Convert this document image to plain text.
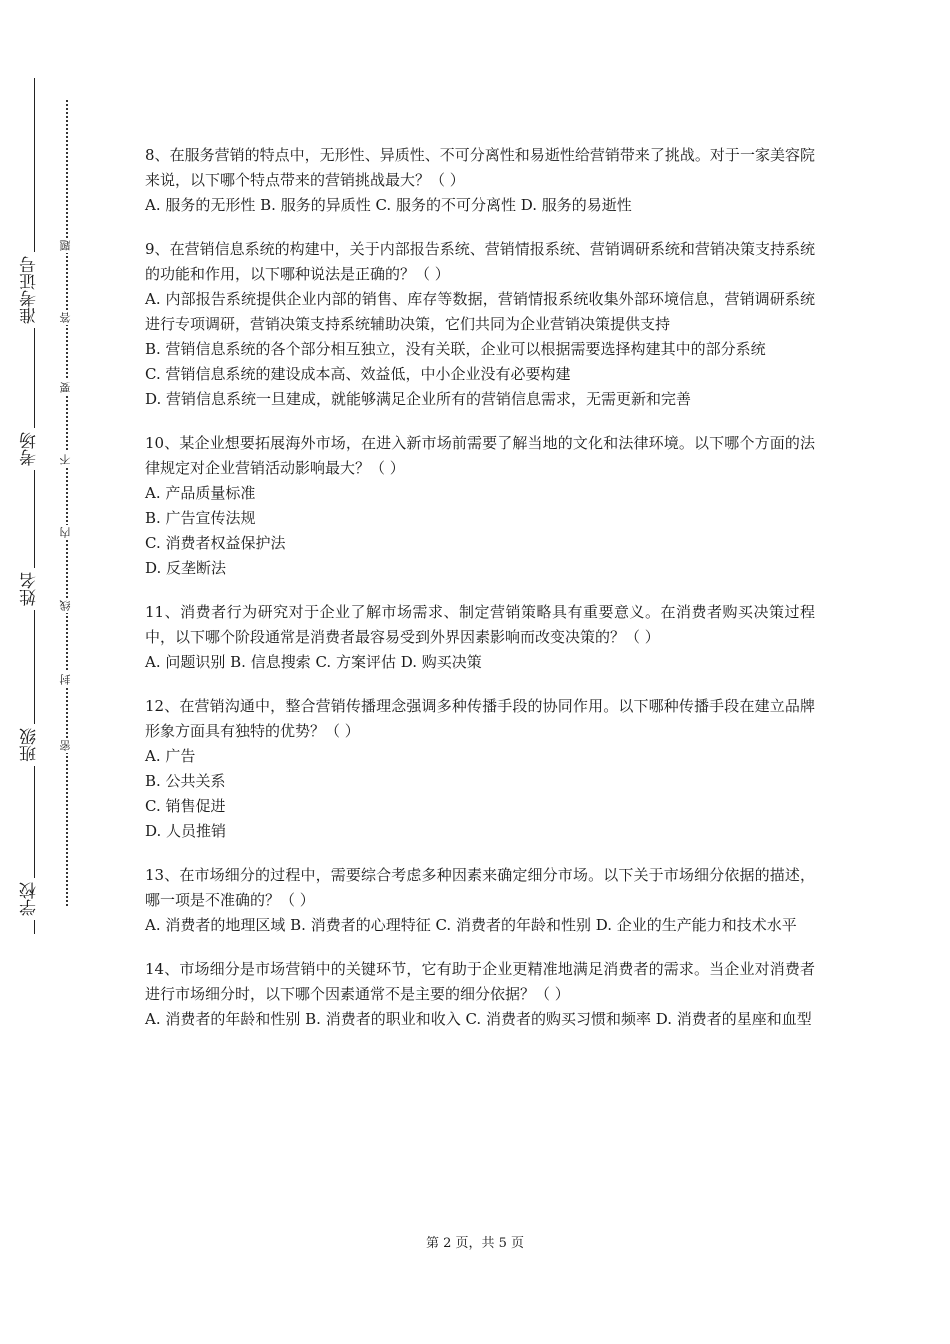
学校
班级
姓名
考场
准考证号
密
封
线
内
不
要
答
题

8、在服务营销的特点中，无形性、异质性、不可分离性和易逝性给营销带来了挑战。对于一家美容院来说，以下哪个特点带来的营销挑战最大？（ ）

A. 服务的无形性 B. 服务的异质性 C. 服务的不可分离性 D. 服务的易逝性

9、在营销信息系统的构建中，关于内部报告系统、营销情报系统、营销调研系统和营销决策支持系统的功能和作用，以下哪种说法是正确的？（ ）

A. 内部报告系统提供企业内部的销售、库存等数据，营销情报系统收集外部环境信息，营销调研系统进行专项调研，营销决策支持系统辅助决策，它们共同为企业营销决策提供支持

B. 营销信息系统的各个部分相互独立，没有关联，企业可以根据需要选择构建其中的部分系统

C. 营销信息系统的建设成本高、效益低，中小企业没有必要构建

D. 营销信息系统一旦建成，就能够满足企业所有的营销信息需求，无需更新和完善

10、某企业想要拓展海外市场，在进入新市场前需要了解当地的文化和法律环境。以下哪个方面的法律规定对企业营销活动影响最大？（ ）

A. 产品质量标准

B. 广告宣传法规

C. 消费者权益保护法

D. 反垄断法

11、消费者行为研究对于企业了解市场需求、制定营销策略具有重要意义。在消费者购买决策过程中，以下哪个阶段通常是消费者最容易受到外界因素影响而改变决策的？（ ）

A. 问题识别 B. 信息搜索 C. 方案评估 D. 购买决策

12、在营销沟通中，整合营销传播理念强调多种传播手段的协同作用。以下哪种传播手段在建立品牌形象方面具有独特的优势？（ ）

A. 广告

B. 公共关系

C. 销售促进

D. 人员推销

13、在市场细分的过程中，需要综合考虑多种因素来确定细分市场。以下关于市场细分依据的描述，哪一项是不准确的？（ ）

A. 消费者的地理区域 B. 消费者的心理特征 C. 消费者的年龄和性别 D. 企业的生产能力和技术水平

14、市场细分是市场营销中的关键环节，它有助于企业更精准地满足消费者的需求。当企业对消费者进行市场细分时，以下哪个因素通常不是主要的细分依据？（ ）

A. 消费者的年龄和性别 B. 消费者的职业和收入 C. 消费者的购买习惯和频率 D. 消费者的星座和血型

第 2 页，共 5 页
